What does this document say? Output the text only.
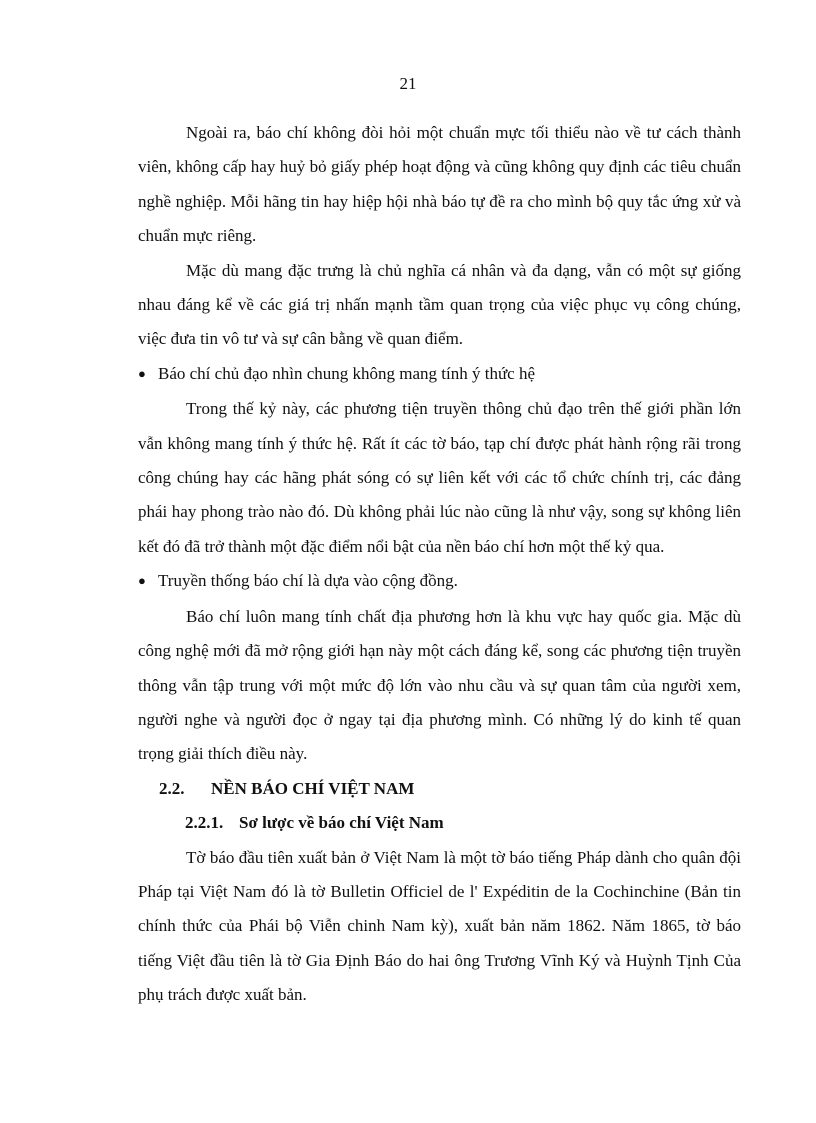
21

Ngoài ra, báo chí không đòi hỏi một chuẩn mực tối thiểu nào về tư cách thành viên, không cấp hay huỷ bỏ giấy phép hoạt động và cũng không quy định các tiêu chuẩn nghề nghiệp. Mỗi hãng tin hay hiệp hội nhà báo tự đề ra cho mình bộ quy tắc ứng xử và chuẩn mực riêng.

Mặc dù mang đặc trưng là chủ nghĩa cá nhân và đa dạng, vẫn có một sự giống nhau đáng kể về các giá trị nhấn mạnh tầm quan trọng của việc phục vụ công chúng, việc đưa tin vô tư và sự cân bằng về quan điểm.

● Báo chí chủ đạo nhìn chung không mang tính ý thức hệ

Trong thế kỷ này, các phương tiện truyền thông chủ đạo trên thế giới phần lớn vẫn không mang tính ý thức hệ. Rất ít các tờ báo, tạp chí được phát hành rộng rãi trong công chúng hay các hãng phát sóng có sự liên kết với các tổ chức chính trị, các đảng phái hay phong trào nào đó. Dù không phải lúc nào cũng là như vậy, song sự không liên kết đó đã trở thành một đặc điểm nổi bật của nền báo chí hơn một thế kỷ qua.

● Truyền thống báo chí là dựa vào cộng đồng.

Báo chí luôn mang tính chất địa phương hơn là khu vực hay quốc gia. Mặc dù công nghệ mới đã mở rộng giới hạn này một cách đáng kể, song các phương tiện truyền thông vẫn tập trung với một mức độ lớn vào nhu cầu và sự quan tâm của người xem, người nghe và người đọc ở ngay tại địa phương mình. Có những lý do kinh tế quan trọng giải thích điều này.

2.2.	NỀN BÁO CHÍ VIỆT NAM
2.2.1. Sơ lược về báo chí Việt Nam

Tờ báo đầu tiên xuất bản ở Việt Nam là một tờ báo tiếng Pháp dành cho quân đội Pháp tại Việt Nam đó là tờ Bulletin Officiel de l' Expéditin de la Cochinchine (Bản tin chính thức của Phái bộ Viễn chinh Nam kỳ), xuất bản năm 1862. Năm 1865, tờ báo tiếng Việt đầu tiên là tờ Gia Định Báo do hai ông Trương Vĩnh Ký và Huỳnh Tịnh Của phụ trách được xuất bản.
